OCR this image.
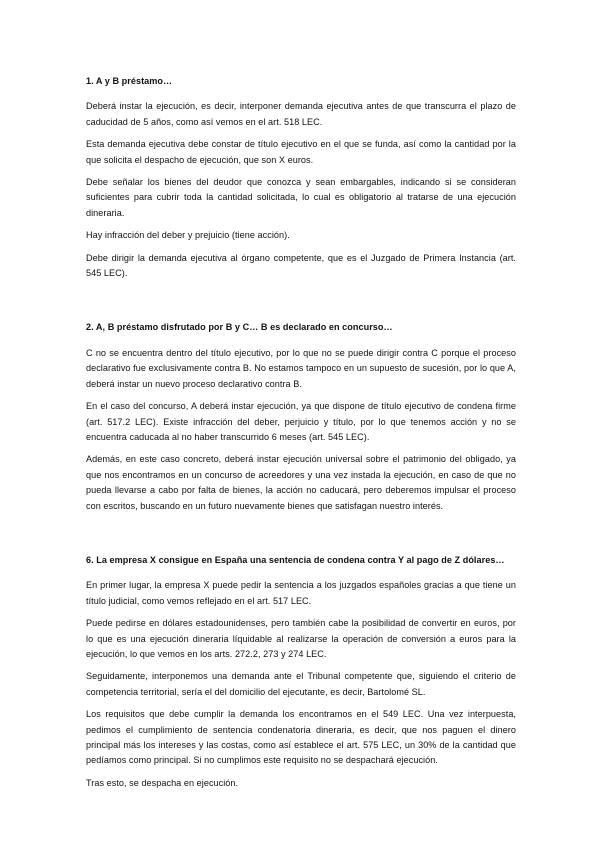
1. A y B préstamo…

Deberá instar la ejecución, es decir, interponer demanda ejecutiva antes de que transcurra el plazo de caducidad de 5 años, como así vemos en el art. 518 LEC.

Esta demanda ejecutiva debe constar de título ejecutivo en el que se funda, así como la cantidad por la que solicita el despacho de ejecución, que son X euros.

Debe señalar los bienes del deudor que conozca y sean embargables, indicando si se consideran suficientes para cubrir toda la cantidad solicitada, lo cual es obligatorio al tratarse de una ejecución dineraria.

Hay infracción del deber y prejuicio (tiene acción).

Debe dirigir la demanda ejecutiva al órgano competente, que es el Juzgado de Primera Instancia (art. 545 LEC).

2. A, B préstamo disfrutado por B y C… B es declarado en concurso…

C no se encuentra dentro del título ejecutivo, por lo que no se puede dirigir contra C porque el proceso declarativo fue exclusivamente contra B. No estamos tampoco en un supuesto de sucesión, por lo que A, deberá instar un nuevo proceso declarativo contra B.

En el caso del concurso, A deberá instar ejecución, ya que dispone de título ejecutivo de condena firme (art. 517.2 LEC). Existe infracción del deber, perjuicio y título, por lo que tenemos acción y no se encuentra caducada al no haber transcurrido 6 meses (art. 545 LEC).

Además, en este caso concreto, deberá instar ejecución universal sobre el patrimonio del obligado, ya que nos encontramos en un concurso de acreedores y una vez instada la ejecución, en caso de que no pueda llevarse a cabo por falta de bienes, la acción no caducará, pero deberemos impulsar el proceso con escritos, buscando en un futuro nuevamente bienes que satisfagan nuestro interés.

6. La empresa X consigue en España una sentencia de condena contra Y al pago de Z dólares…

En primer lugar, la empresa X puede pedir la sentencia a los juzgados españoles gracias a que tiene un título judicial, como vemos reflejado en el art. 517 LEC.

Puede pedirse en dólares estadounidenses, pero también cabe la posibilidad de convertir en euros, por lo que es una ejecución dineraria líquidable al realizarse la operación de conversión a euros para la ejecución, lo que vemos en los arts. 272.2, 273 y 274 LEC.

Seguidamente, interponemos una demanda ante el Tribunal competente que, siguiendo el criterio de competencia territorial, sería el del domicilio del ejecutante, es decir, Bartolomé SL.

Los requisitos que debe cumplir la demanda los encontramos en el 549 LEC. Una vez interpuesta, pedimos el cumplimiento de sentencia condenatoria dineraria, es decir, que nos paguen el dinero principal más los intereses y las costas, como así establece el art. 575 LEC, un 30% de la cantidad que pedíamos como principal. Si no cumplimos este requisito no se despachará ejecución.

Tras esto, se despacha en ejecución.
